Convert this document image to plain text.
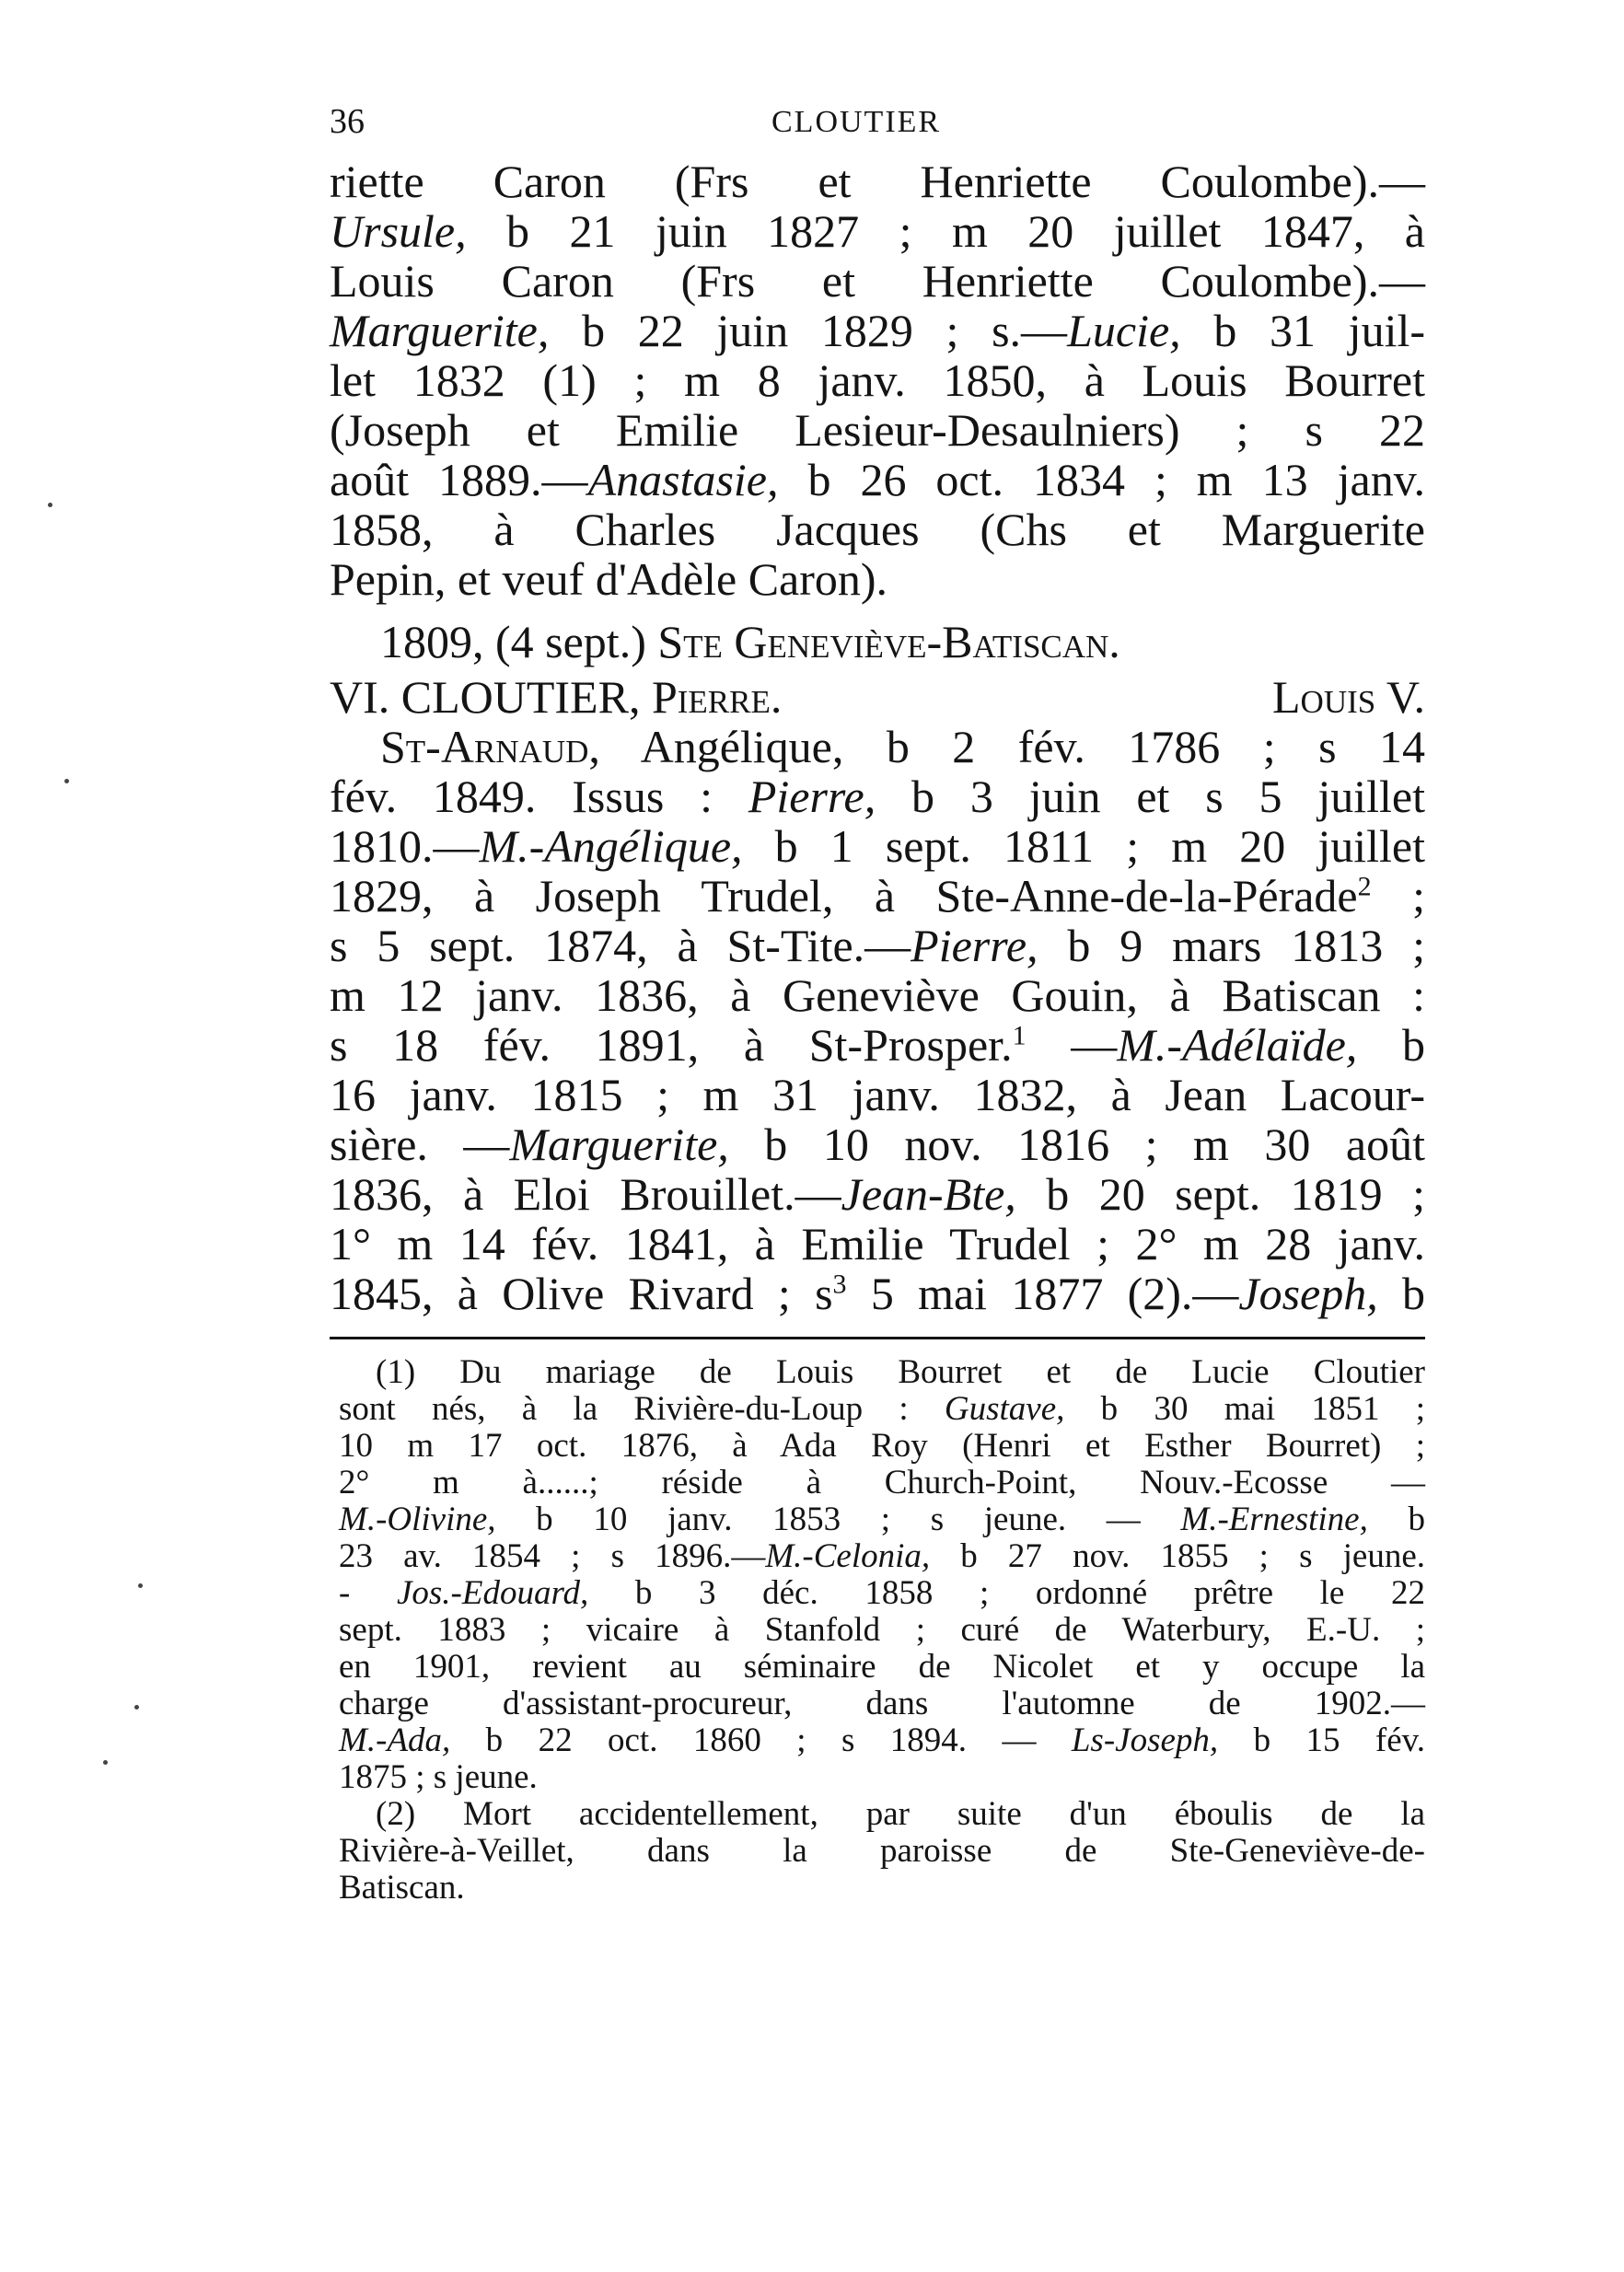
36	CLOUTIER
riette Caron (Frs et Henriette Coulombe).—
Ursule, b 21 juin 1827 ; m 20 juillet 1847, à
Louis Caron (Frs et Henriette Coulombe).—
Marguerite, b 22 juin 1829 ; s.—Lucie, b 31 juil-
let 1832 (1) ; m 8 janv. 1850, à Louis Bourret
(Joseph et Emilie Lesieur-Desaulniers) ; s 22
août 1889.—Anastasie, b 26 oct. 1834 ; m 13 janv.
1858, à Charles Jacques (Chs et Marguerite
Pepin, et veuf d'Adèle Caron).
1809, (4 sept.) Ste Geneviève-Batiscan.
VI. CLOUTIER, Pierre.	Louis V.
St-Arnaud, Angélique, b 2 fév. 1786 ; s 14
fév. 1849. Issus : Pierre, b 3 juin et s 5 juillet
1810.—M.-Angélique, b 1 sept. 1811 ; m 20 juillet
1829, à Joseph Trudel, à Ste-Anne-de-la-Pérade$^2$ ;
s 5 sept. 1874, à St-Tite.—Pierre, b 9 mars 1813 ;
m 12 janv. 1836, à Geneviève Gouin, à Batiscan :
s 18 fév. 1891, à St-Prosper.$^1$ —M.-Adélaïde, b
16 janv. 1815 ; m 31 janv. 1832, à Jean Lacour-
sière. —Marguerite, b 10 nov. 1816 ; m 30 août
1836, à Eloi Brouillet.—Jean-Bte, b 20 sept. 1819 ;
1° m 14 fév. 1841, à Emilie Trudel ; 2° m 28 janv.
1845, à Olive Rivard ; $s^3$ 5 mai 1877 (2).—Joseph, b
(1) Du mariage de Louis Bourret et de Lucie Cloutier
sont nés, à la Rivière-du-Loup : Gustave, b 30 mai 1851 ;
10 m 17 oct. 1876, à Ada Roy (Henri et Esther Bourret) ;
2° m à......; réside à Church-Point, Nouv.-Ecosse —
M.-Olivine, b 10 janv. 1853 ; s jeune. — M.-Ernestine, b
23 av. 1854 ; s 1896.—M.-Celonia, b 27 nov. 1855 ; s jeune.
- Jos.-Edouard, b 3 déc. 1858 ; ordonné prêtre le 22
sept. 1883 ; vicaire à Stanfold ; curé de Waterbury, E.-U. ;
en 1901, revient au séminaire de Nicolet et y occupe la
charge d'assistant-procureur, dans l'automne de 1902.—
M.-Ada, b 22 oct. 1860 ; s 1894. — Ls-Joseph, b 15 fév.
1875 ; s jeune.
(2) Mort accidentellement, par suite d'un éboulis de la
Rivière-à-Veillet, dans la paroisse de Ste-Geneviève-de-
Batiscan.
